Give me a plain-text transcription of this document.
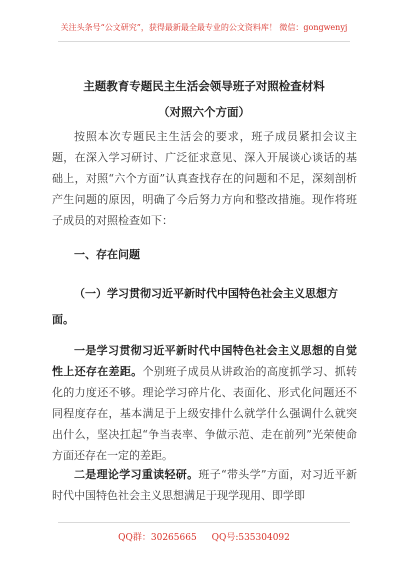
关注头条号“公文研究”，获得最新最全最专业的公文资料库！ 微信：gongwenyj
主题教育专题民主生活会领导班子对照检查材料
（对照六个方面）

按照本次专题民主生活会的要求，班子成员紧扣会议主题，在深入学习研讨、广泛征求意见、深入开展谈心谈话的基础上，对照“六个方面”认真查找存在的问题和不足，深刻剖析产生问题的原因，明确了今后努力方向和整改措施。现作将班子成员的对照检查如下：

一、存在问题

（一）学习贯彻习近平新时代中国特色社会主义思想方面。

一是学习贯彻习近平新时代中国特色社会主义思想的自觉性上还存在差距。个别班子成员从讲政治的高度抓学习、抓转化的力度还不够。理论学习碎片化、表面化、形式化问题还不同程度存在，基本满足于上级安排什么就学什么强调什么就突出什么，坚决扛起“争当表率、争做示范、走在前列”光荣使命方面还存在一定的差距。

二是理论学习重读轻研。班子“带头学”方面，对习近平新时代中国特色社会主义思想满足于现学现用、即学即

QQ群：30265665 QQ号:535304092
